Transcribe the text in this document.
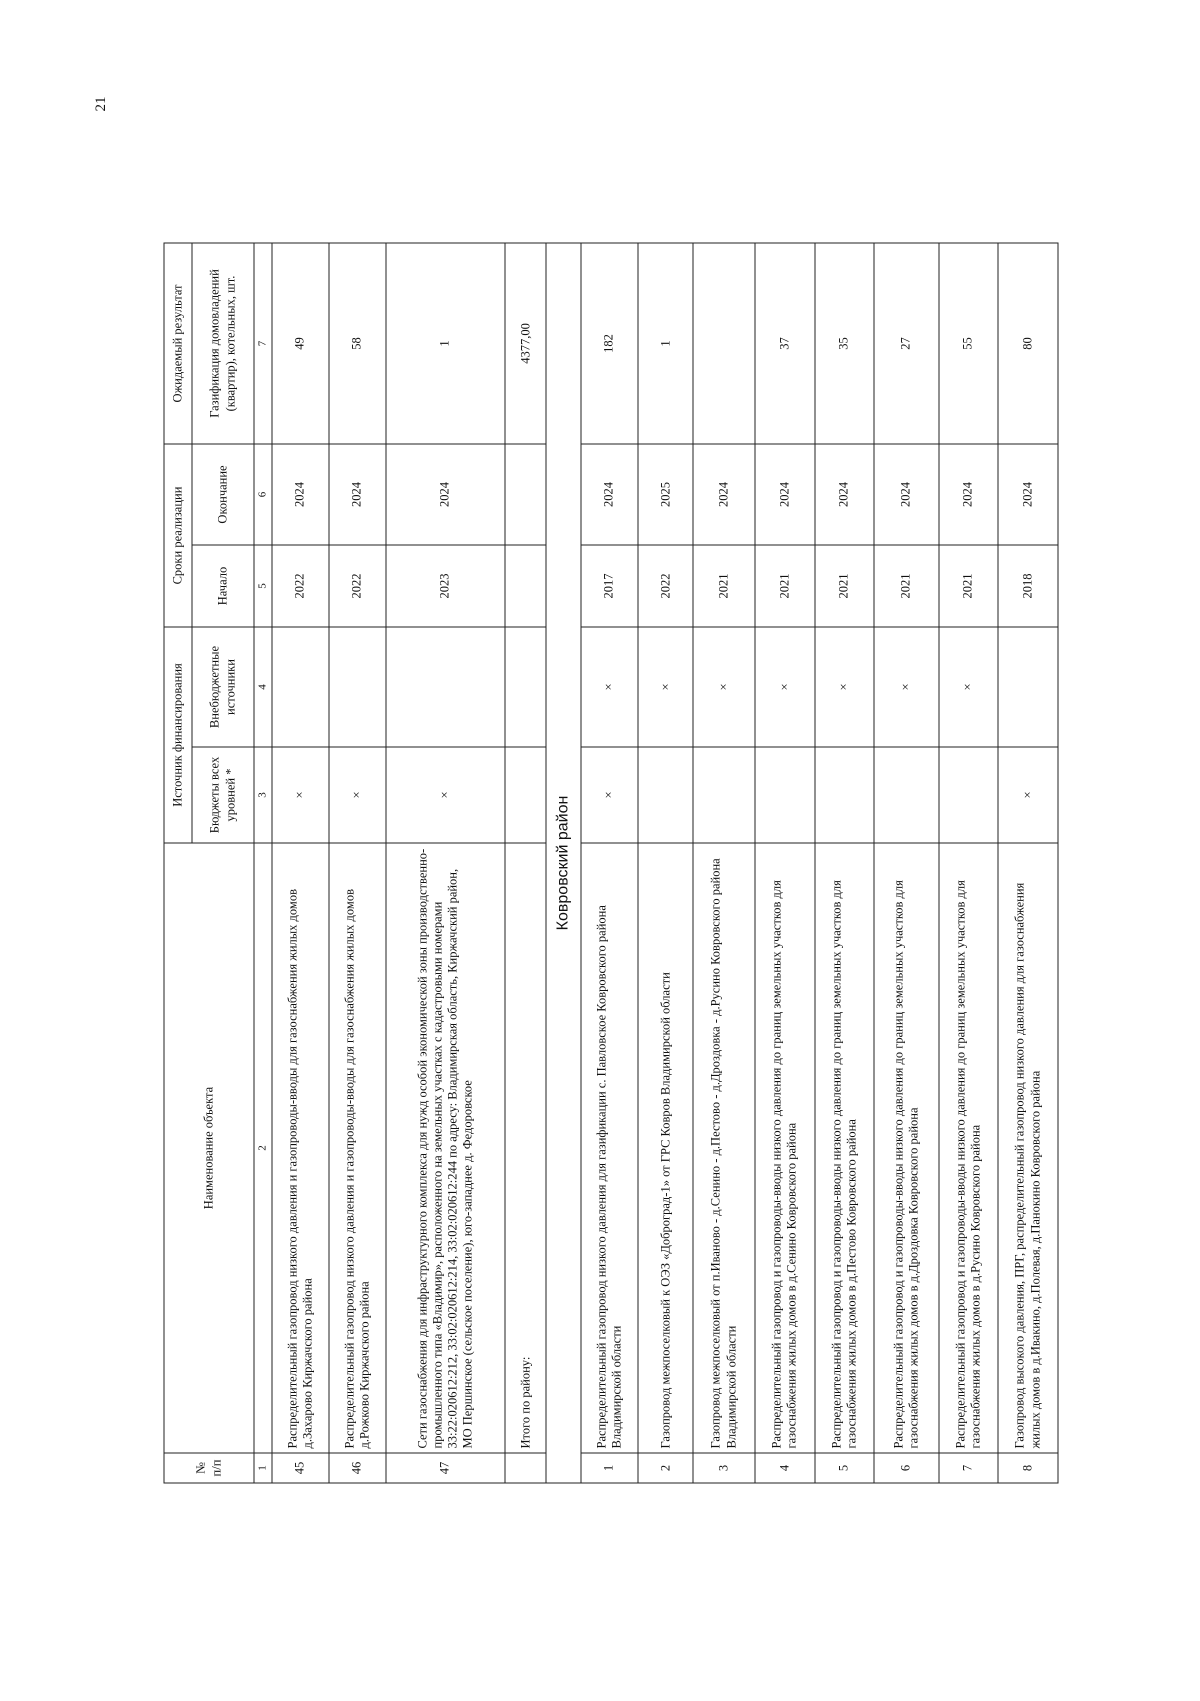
21
№ п/п	Наименование объекта	Источник финансирования		Сроки реализации		Ожидаемый результат
		Бюджеты всех уровней *	Внебюджетные источники	Начало	Окончание	Газификация домовладений (квартир), котельных, шт.
1	2	3	4	5	6	7
45	Распределительный газопровод низкого давления и газопроводы-вводы для газоснабжения жилых домов д.Захарово Киржачского района	×		2022	2024	49
46	Распределительный газопровод низкого давления и газопроводы-вводы для газоснабжения жилых домов д.Рожково Киржачского района	×		2022	2024	58
47	Сети газоснабжения для инфраструктурного комплекса для нужд особой экономической зоны производственно-промышленного типа «Владимир», расположенного на земельных участках с кадастровыми номерами 33:22:020612:212, 33:02:020612:214, 33:02:020612:244 по адресу: Владимирская область, Киржачский район, МО Першинское (сельское поселение), юго-западнее д. Федоровское	×		2023	2024	1
	Итого по району:					4377,00
Ковровский район						
1	Распределительный газопровод низкого давления для газификации с. Павловское Ковровского района Владимирской области	×	×	2017	2024	182
2	Газопровод межпоселковый к ОЭЗ «Доброград-1» от ГРС Ковров Владимирской области		×	2022	2025	1
3	Газопровод межпоселковый от п.Иваново - д.Сенино - д.Пестово - д.Дроздовка - д.Русино Ковровского района Владимирской области		×	2021	2024	
4	Распределительный газопровод и газопроводы-вводы низкого давления до границ земельных участков для газоснабжения жилых домов в д.Сенино Ковровского района		×	2021	2024	37
5	Распределительный газопровод и газопроводы-вводы низкого давления до границ земельных участков для газоснабжения жилых домов в д.Пестово Ковровского района		×	2021	2024	35
6	Распределительный газопровод и газопроводы-вводы низкого давления до границ земельных участков для газоснабжения жилых домов в д.Дроздовка Ковровского района		×	2021	2024	27
7	Распределительный газопровод и газопроводы-вводы низкого давления до границ земельных участков для газоснабжения жилых домов в д.Русино Ковровского района		×	2021	2024	55
8	Газопровод высокого давления, ПРГ, распределительный газопровод низкого давления для газоснабжения жилых домов в д.Ивакино, д.Полевая, д.Панокино Ковровского района	×		2018	2024	80
